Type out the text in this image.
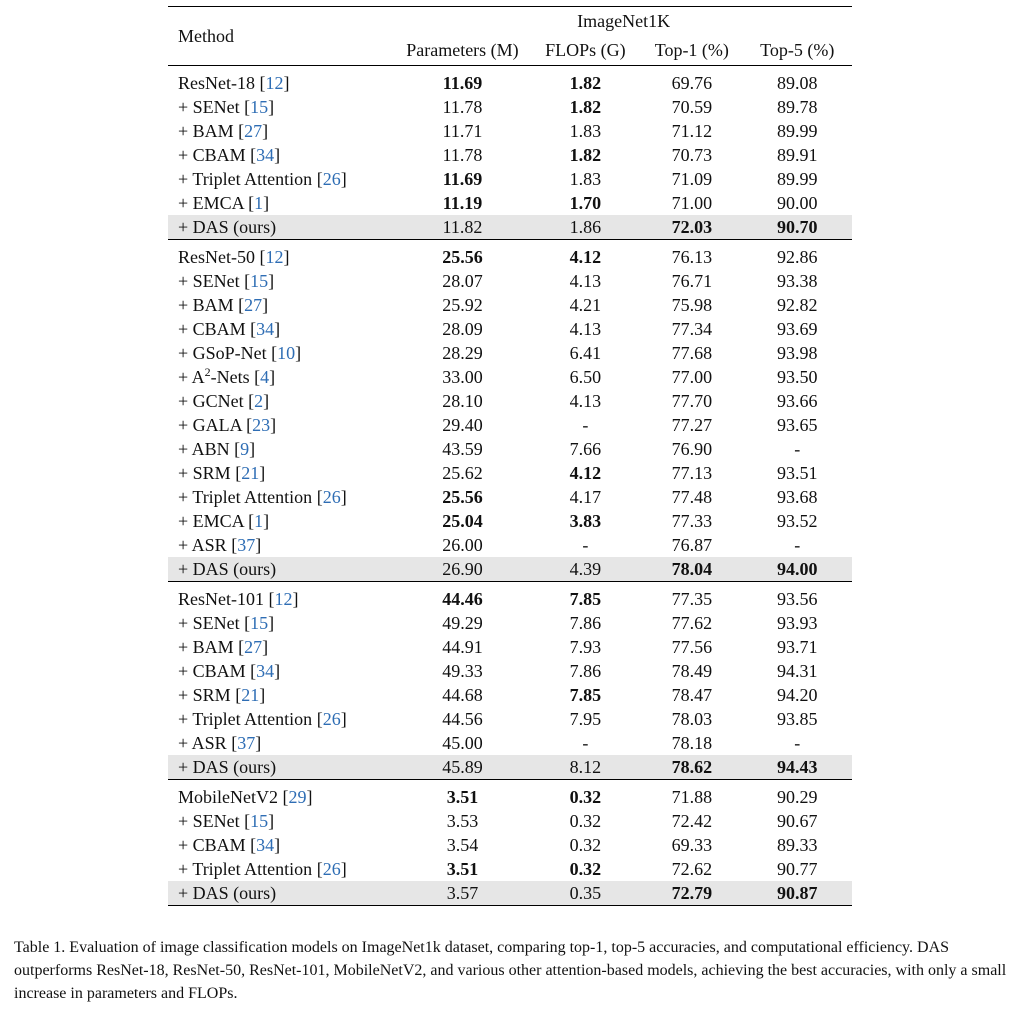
Method	ImageNet1K			
	Parameters (M)	FLOPs (G)	Top-1 (%)	Top-5 (%)
ResNet-18 [12]	11.69	1.82	69.76	89.08
+ SENet [15]	11.78	1.82	70.59	89.78
+ BAM [27]	11.71	1.83	71.12	89.99
+ CBAM [34]	11.78	1.82	70.73	89.91
+ Triplet Attention [26]	11.69	1.83	71.09	89.99
+ EMCA [1]	11.19	1.70	71.00	90.00
+ DAS (ours)	11.82	1.86	72.03	90.70
ResNet-50 [12]	25.56	4.12	76.13	92.86
+ SENet [15]	28.07	4.13	76.71	93.38
+ BAM [27]	25.92	4.21	75.98	92.82
+ CBAM [34]	28.09	4.13	77.34	93.69
+ GSoP-Net [10]	28.29	6.41	77.68	93.98
+ $A^2$-Nets [4]	33.00	6.50	77.00	93.50
+ GCNet [2]	28.10	4.13	77.70	93.66
+ GALA [23]	29.40	-	77.27	93.65
+ ABN [9]	43.59	7.66	76.90	-
+ SRM [21]	25.62	4.12	77.13	93.51
+ Triplet Attention [26]	25.56	4.17	77.48	93.68
+ EMCA [1]	25.04	3.83	77.33	93.52
+ ASR [37]	26.00	-	76.87	-
+ DAS (ours)	26.90	4.39	78.04	94.00
ResNet-101 [12]	44.46	7.85	77.35	93.56
+ SENet [15]	49.29	7.86	77.62	93.93
+ BAM [27]	44.91	7.93	77.56	93.71
+ CBAM [34]	49.33	7.86	78.49	94.31
+ SRM [21]	44.68	7.85	78.47	94.20
+ Triplet Attention [26]	44.56	7.95	78.03	93.85
+ ASR [37]	45.00	-	78.18	-
+ DAS (ours)	45.89	8.12	78.62	94.43
MobileNetV2 [29]	3.51	0.32	71.88	90.29
+ SENet [15]	3.53	0.32	72.42	90.67
+ CBAM [34]	3.54	0.32	69.33	89.33
+ Triplet Attention [26]	3.51	0.32	72.62	90.77
+ DAS (ours)	3.57	0.35	72.79	90.87
Table 1. Evaluation of image classification models on ImageNet1k dataset, comparing top-1, top-5 accuracies, and computational efficiency. DAS outperforms ResNet-18, ResNet-50, ResNet-101, MobileNetV2, and various other attention-based models, achieving the best accuracies, with only a small increase in parameters and FLOPs.
